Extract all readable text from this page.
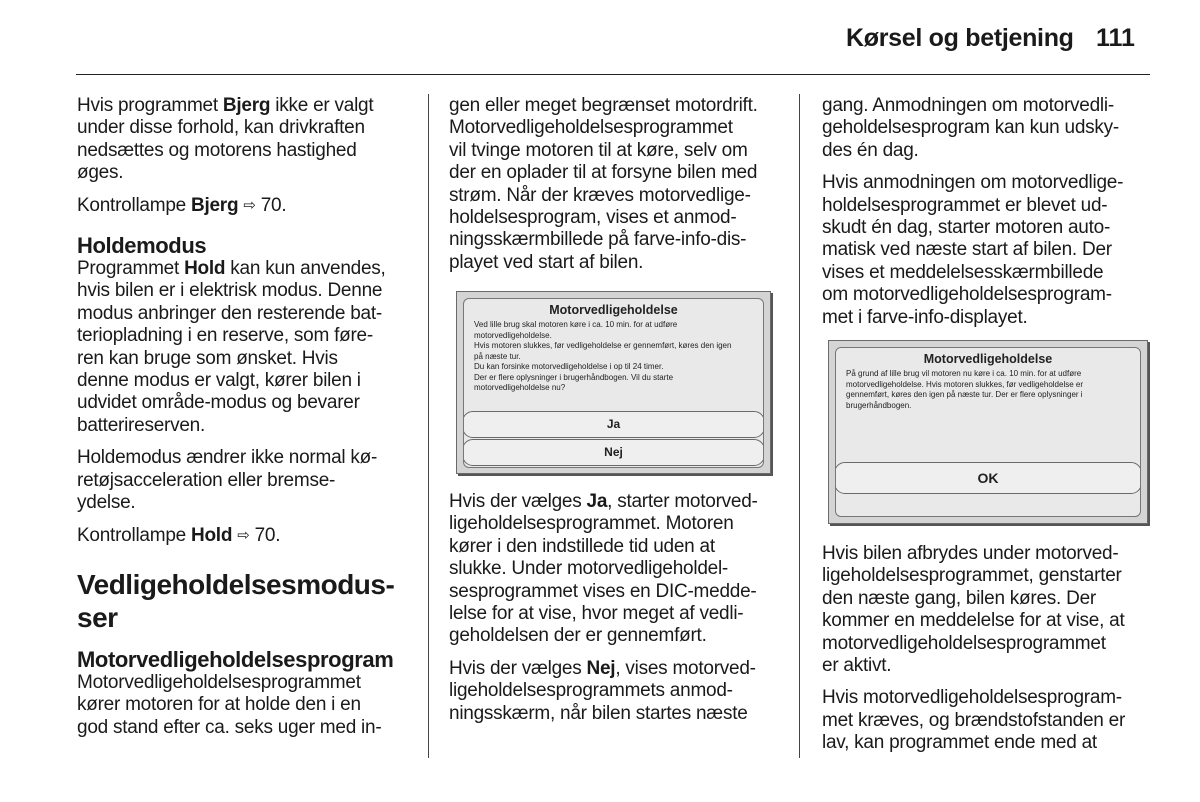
Kørsel og betjening 111

Hvis programmet Bjerg ikke er valgt
under disse forhold, kan drivkraften
nedsættes og motorens hastighed
øges.

Kontrollampe Bjerg ⇨ 70.

Holdemodus

Programmet Hold kan kun anvendes,
hvis bilen er i elektrisk modus. Denne
modus anbringer den resterende bat-
teriopladning i en reserve, som føre-
ren kan bruge som ønsket. Hvis
denne modus er valgt, kører bilen i
udvidet område-modus og bevarer
batterireserven.

Holdemodus ændrer ikke normal kø-
retøjsacceleration eller bremse-
ydelse.

Kontrollampe Hold ⇨ 70.

Vedligeholdelsesmodus-
ser
Motorvedligeholdelsesprogram

Motorvedligeholdelsesprogrammet
kører motoren for at holde den i en
god stand efter ca. seks uger med in-

gen eller meget begrænset motordrift.
Motorvedligeholdelsesprogrammet
vil tvinge motoren til at køre, selv om
der en oplader til at forsyne bilen med
strøm. Når der kræves motorvedlige-
holdelsesprogram, vises et anmod-
ningsskærmbillede på farve-info-dis-
playet ved start af bilen.

Hvis der vælges Ja, starter motorved-
ligeholdelsesprogrammet. Motoren
kører i den indstillede tid uden at
slukke. Under motorvedligeholdel-
sesprogrammet vises en DIC-medde-
lelse for at vise, hvor meget af vedli-
geholdelsen der er gennemført.

Hvis der vælges Nej, vises motorved-
ligeholdelsesprogrammets anmod-
ningsskærm, når bilen startes næste

Motorvedligeholdelse
Ved lille brug skal motoren køre i ca. 10 min. for at udføre
motorvedligeholdelse.
Hvis motoren slukkes, før vedligeholdelse er gennemført, køres den igen
på næste tur.
Du kan forsinke motorvedligeholdelse i op til 24 timer.
Der er flere oplysninger i brugerhåndbogen. Vil du starte
motorvedligeholdelse nu?
Ja
Nej

gang. Anmodningen om motorvedli-
geholdelsesprogram kan kun udsky-
des én dag.

Hvis anmodningen om motorvedlige-
holdelsesprogrammet er blevet ud-
skudt én dag, starter motoren auto-
matisk ved næste start af bilen. Der
vises et meddelelsesskærmbillede
om motorvedligeholdelsesprogram-
met i farve-info-displayet.

Motorvedligeholdelse
På grund af lille brug vil motoren nu køre i ca. 10 min. for at udføre
motorvedligeholdelse. Hvis motoren slukkes, før vedligeholdelse er
gennemført, køres den igen på næste tur. Der er flere oplysninger i
brugerhåndbogen.
OK

Hvis bilen afbrydes under motorved-
ligeholdelsesprogrammet, genstarter
den næste gang, bilen køres. Der
kommer en meddelelse for at vise, at
motorvedligeholdelsesprogrammet
er aktivt.

Hvis motorvedligeholdelsesprogram-
met kræves, og brændstofstanden er
lav, kan programmet ende med at
